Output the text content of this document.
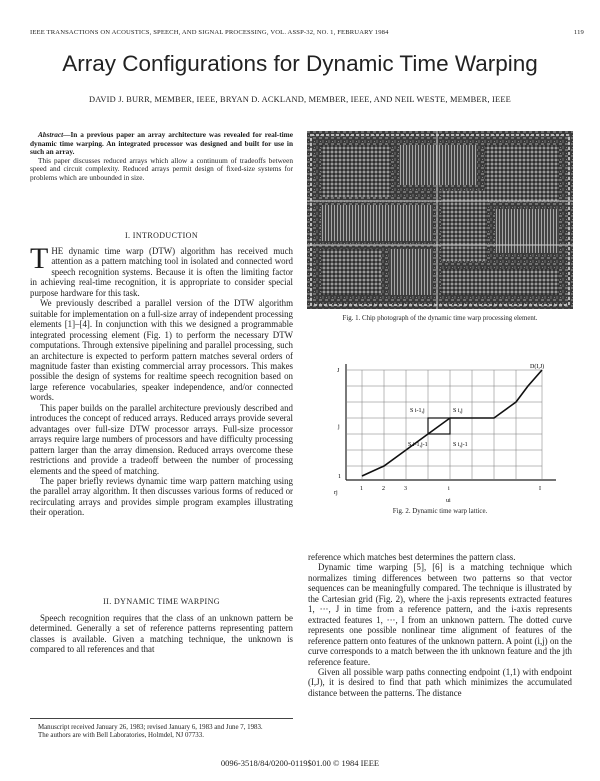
IEEE TRANSACTIONS ON ACOUSTICS, SPEECH, AND SIGNAL PROCESSING, VOL. ASSP-32, NO. 1, FEBRUARY 1984	119
Array Configurations for Dynamic Time Warping
DAVID J. BURR, MEMBER, IEEE, BRYAN D. ACKLAND, MEMBER, IEEE, AND NEIL WESTE, MEMBER, IEEE

Abstract—In a previous paper an array architecture was revealed for real-time dynamic time warping. An integrated processor was designed and built for use in such an array.

This paper discusses reduced arrays which allow a continuum of tradeoffs between speed and circuit complexity. Reduced arrays permit design of fixed-size systems for problems which are unbounded in size.

I. INTRODUCTION

THE dynamic time warp (DTW) algorithm has received much attention as a pattern matching tool in isolated and connected word speech recognition systems. Because it is often the limiting factor in achieving real-time recognition, it is appropriate to consider special purpose hardware for this task.

We previously described a parallel version of the DTW algorithm suitable for implementation on a full-size array of independent processing elements [1]–[4]. In conjunction with this we designed a programmable integrated processing element (Fig. 1) to perform the necessary DTW computations. Through extensive pipelining and parallel processing, such an architecture is expected to perform pattern matches several orders of magnitude faster than existing commercial array processors. This makes possible the design of systems for realtime speech recognition based on large reference vocabularies, speaker independence, and/or connected words.

This paper builds on the parallel architecture previously described and introduces the concept of reduced arrays. Reduced arrays provide several advantages over full-size DTW processor arrays. Full-size processor arrays require large numbers of processors and have difficulty processing pattern larger than the array dimension. Reduced arrays overcome these restrictions and provide a tradeoff between the number of processing elements and the speed of matching.

The paper briefly reviews dynamic time warp pattern matching using the parallel array algorithm. It then discusses various forms of reduced or recirculating arrays and provides simple program examples illustrating their operation.

II. DYNAMIC TIME WARPING

Speech recognition requires that the class of an unknown pattern be determined. Generally a set of reference patterns representing pattern classes is available. Given a matching technique, the unknown is compared to all references and that

Manuscript received January 26, 1983; revised January 6, 1983 and June 7, 1983.

The authors are with Bell Laboratories, Holmdel, NJ 07733.

Fig. 1. Chip photograph of the dynamic time warp processing element.
S i-1,j	S i,j
S i-1,j-1	S i,j-1
D(I,J)
J
j
1
rj
1	2	3	i	I
ui
Fig. 2. Dynamic time warp lattice.

reference which matches best determines the pattern class.

Dynamic time warping [5], [6] is a matching technique which normalizes timing differences between two patterns so that vector sequences can be meaningfully compared. The technique is illustrated by the Cartesian grid (Fig. 2), where the j-axis represents extracted features 1, ···, J in time from a reference pattern, and the i-axis represents extracted features 1, ···, I from an unknown pattern. The dotted curve represents one possible nonlinear time alignment of features of the reference pattern onto features of the unknown pattern. A point (i,j) on the curve corresponds to a match between the ith unknown feature and the jth reference feature.

Given all possible warp paths connecting endpoint (1,1) with endpoint (I,J), it is desired to find that path which minimizes the accumulated distance between the patterns. The distance

0096-3518/84/0200-0119$01.00 © 1984 IEEE
